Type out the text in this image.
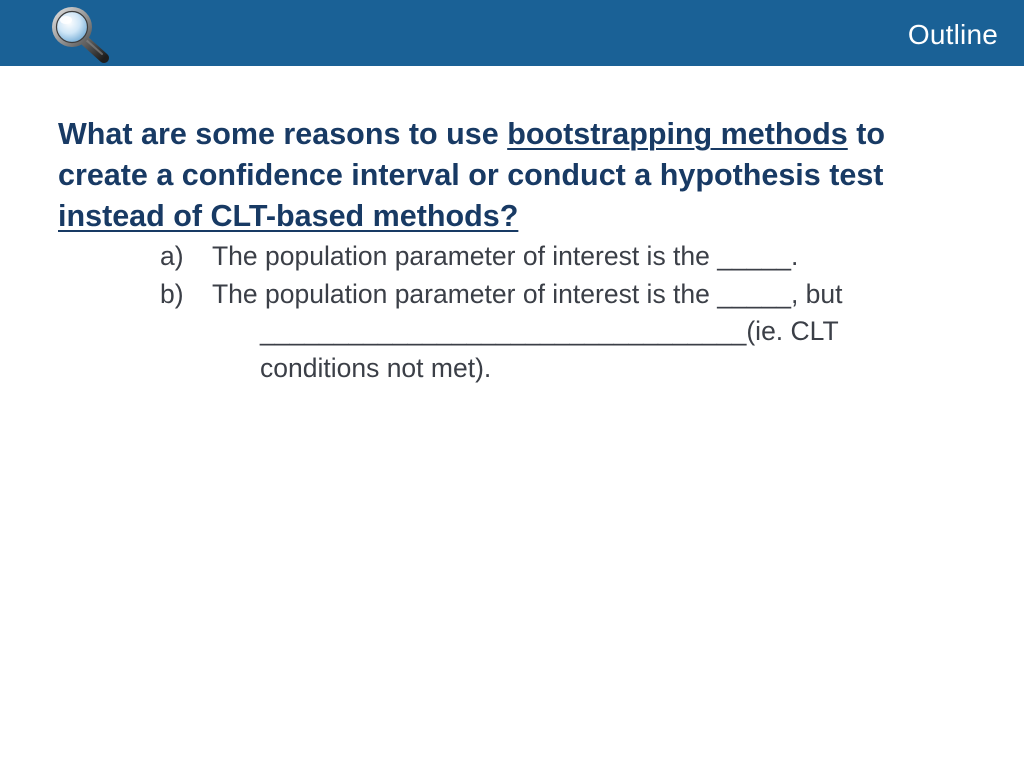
Outline
What are some reasons to use bootstrapping methods to create a confidence interval or conduct a hypothesis test instead of CLT-based methods?
a) The population parameter of interest is the _____.
b) The population parameter of interest is the _____, but
_________________________________(ie. CLT
conditions not met).
